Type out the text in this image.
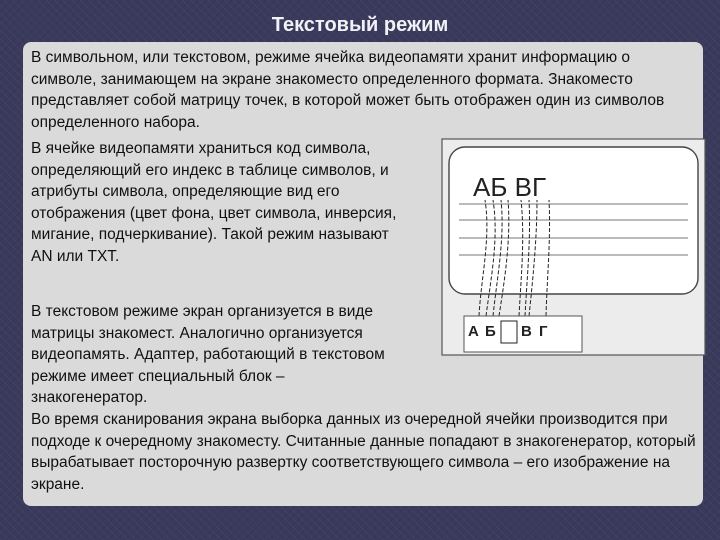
Текстовый режим

В символьном, или текстовом, режиме ячейка видеопамяти хранит информацию о символе, занимающем на экране знакоместо определенного формата. Знакоместо представляет собой матрицу точек, в которой может быть отображен один из символов определенного набора.

В ячейке видеопамяти храниться код символа, определяющий его индекс в таблице символов, и атрибуты символа, определяющие вид его отображения (цвет фона, цвет символа, инверсия, мигание, подчеркивание). Такой режим называют AN или TXT.

В текстовом режиме экран организуется в виде матрицы знакомест. Аналогично организуется видеопамять. Адаптер, работающий в текстовом режиме имеет специальный блок – знакогенератор.

Во время сканирования экрана выборка данных из очередной ячейки производится при подходе к очередному знакоместу. Считанные данные попадают в знакогенератор, который вырабатывает посторочную развертку соответствующего символа – его изображение на экране.

АБ ВГ
А Б В Г
